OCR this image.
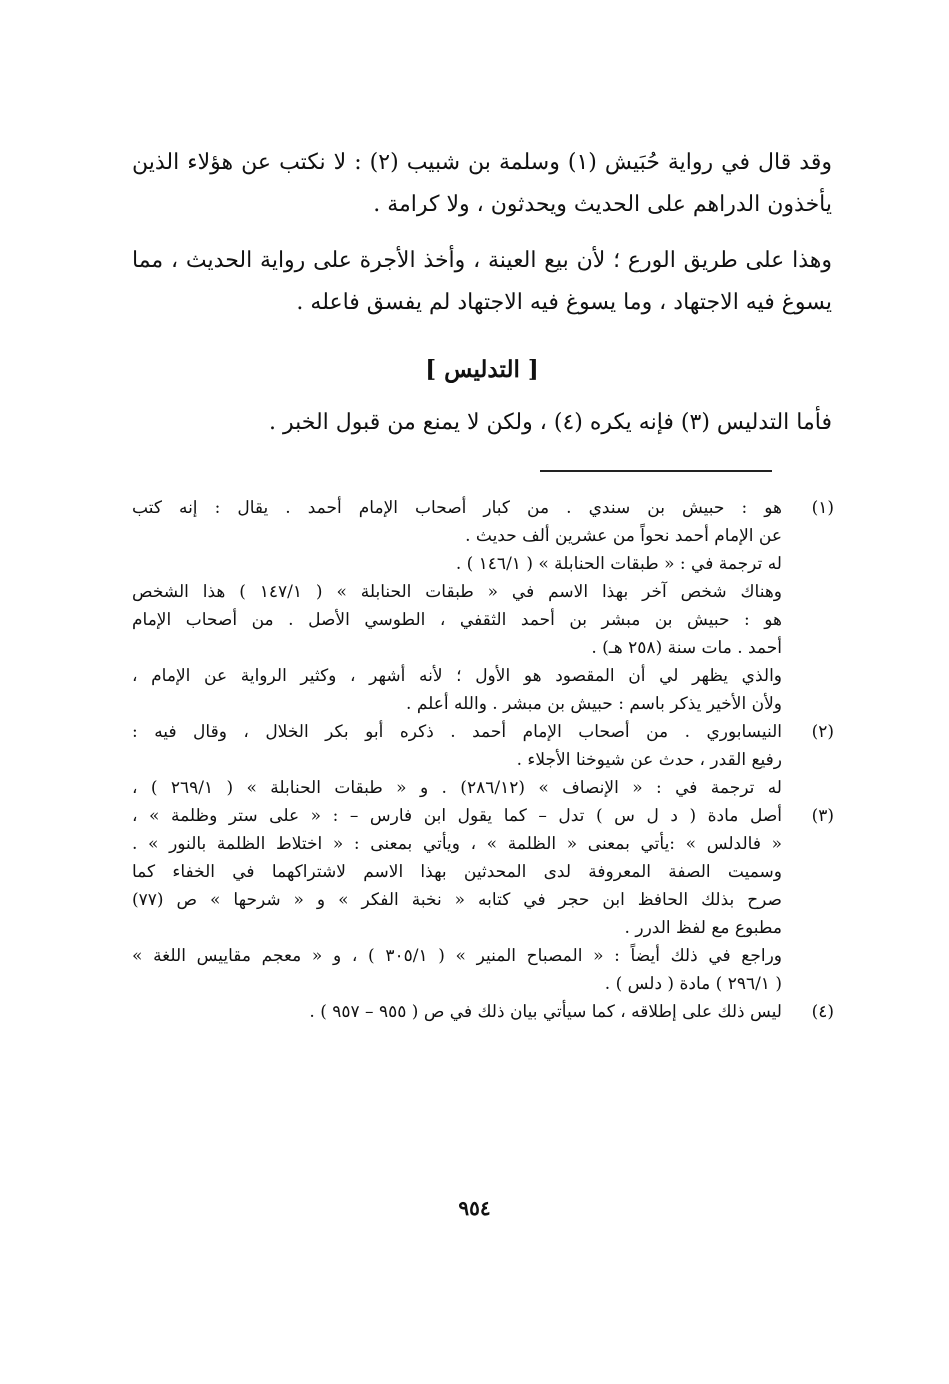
وقد قال في رواية حُبَيش (١) وسلمة بن شبيب (٢) : لا نكتب عن هؤلاء الذين يأخذون الدراهم على الحديث ويحدثون ، ولا كرامة .
وهذا على طريق الورع ؛ لأن بيع العينة ، وأخذ الأجرة على رواية الحديث ، مما يسوغ فيه الاجتهاد ، وما يسوغ فيه الاجتهاد لم يفسق فاعله .
[ التدليس ]
فأما التدليس (٣) فإنه يكره (٤) ، ولكن لا يمنع من قبول الخبر .
(١)
هو : حبيش بن سندي . من كبار أصحاب الإمام أحمد . يقال : إنه كتب
عن الإمام أحمد نحواً من عشرين ألف حديث .
له ترجمة في : « طبقات الحنابلة » ( ١٤٦/١ ) .
وهناك شخص آخر بهذا الاسم في « طبقات الحنابلة » ( ١٤٧/١ ) هذا الشخص
هو : حبيش بن مبشر بن أحمد الثقفي ، الطوسي الأصل . من أصحاب الإمام
أحمد . مات سنة (٢٥٨ هـ) .
والذي يظهر لي أن المقصود هو الأول ؛ لأنه أشهر ، وكثير الرواية عن الإمام ،
ولأن الأخير يذكر باسم : حبيش بن مبشر . والله أعلم .
(٢)
النيسابوري . من أصحاب الإمام أحمد . ذكره أبو بكر الخلال ، وقال فيه :
رفيع القدر ، حدث عن شيوخنا الأجلاء .
له ترجمة في : « الإنصاف » (٢٨٦/١٢) . و « طبقات الحنابلة » ( ٢٦٩/١ ) ،
(٣)
أصل مادة ( د ل س ) تدل – كما يقول ابن فارس – : « على ستر وظلمة » ،
« فالدلس » :يأتي بمعنى « الظلمة » ، ويأتي بمعنى : « اختلاط الظلمة بالنور » .
وسميت الصفة المعروفة لدى المحدثين بهذا الاسم لاشتراكهما في الخفاء كما
صرح بذلك الحافظ ابن حجر في كتابه « نخبة الفكر » و « شرحها » ص (٧٧)
مطبوع مع لفظ الدرر .
وراجع في ذلك أيضاً : « المصباح المنير » ( ٣٠٥/١ ) ، و « معجم مقاييس اللغة »
( ٢٩٦/١ ) مادة ( دلس ) .
(٤)
ليس ذلك على إطلاقه ، كما سيأتي بيان ذلك في ص ( ٩٥٥ – ٩٥٧ ) .
٩٥٤
